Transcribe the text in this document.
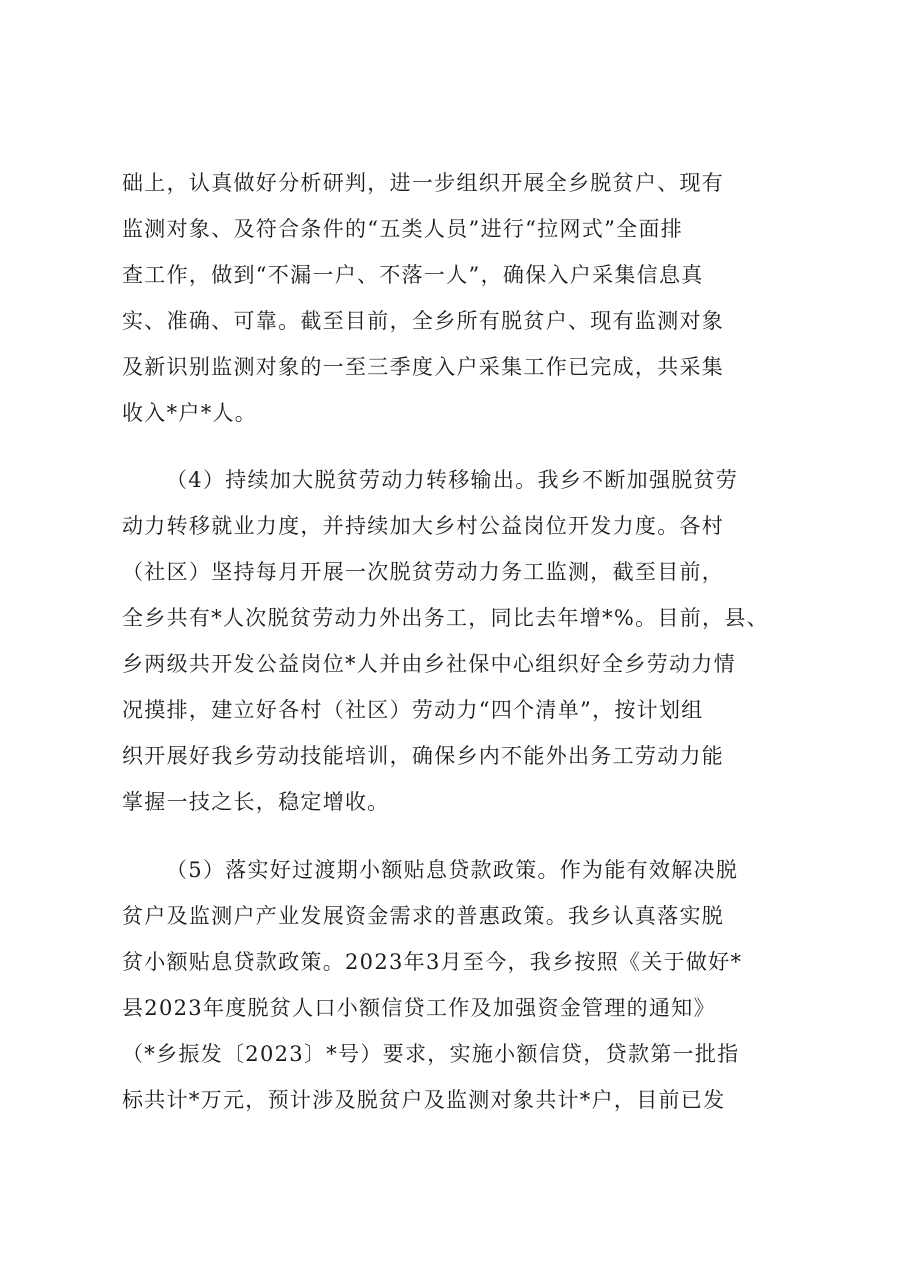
础上，认真做好分析研判，进一步组织开展全乡脱贫户、现有

监测对象、及符合条件的“五类人员”进行“拉网式”全面排

查工作，做到“不漏一户、不落一人”，确保入户采集信息真

实、准确、可靠。截至目前，全乡所有脱贫户、现有监测对象

及新识别监测对象的一至三季度入户采集工作已完成，共采集

收入*户*人。

（4）持续加大脱贫劳动力转移输出。我乡不断加强脱贫劳

动力转移就业力度，并持续加大乡村公益岗位开发力度。各村

（社区）坚持每月开展一次脱贫劳动力务工监测，截至目前，

全乡共有*人次脱贫劳动力外出务工，同比去年增*%。目前，县、

乡两级共开发公益岗位*人并由乡社保中心组织好全乡劳动力情

况摸排，建立好各村（社区）劳动力“四个清单”，按计划组

织开展好我乡劳动技能培训，确保乡内不能外出务工劳动力能

掌握一技之长，稳定增收。

（5）落实好过渡期小额贴息贷款政策。作为能有效解决脱

贫户及监测户产业发展资金需求的普惠政策。我乡认真落实脱

贫小额贴息贷款政策。2023年3月至今，我乡按照《关于做好*

县2023年度脱贫人口小额信贷工作及加强资金管理的通知》

（*乡振发〔2023〕*号）要求，实施小额信贷，贷款第一批指

标共计*万元，预计涉及脱贫户及监测对象共计*户，目前已发
